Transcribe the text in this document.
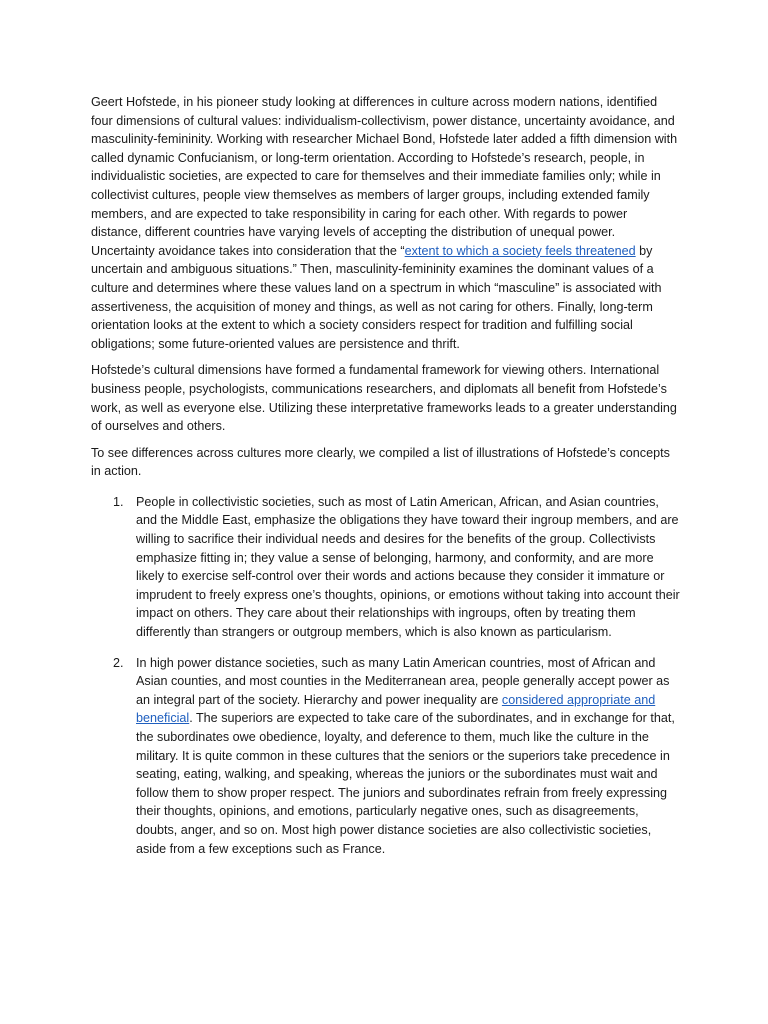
Geert Hofstede, in his pioneer study looking at differences in culture across modern nations, identified four dimensions of cultural values: individualism-collectivism, power distance, uncertainty avoidance, and masculinity-femininity. Working with researcher Michael Bond, Hofstede later added a fifth dimension with called dynamic Confucianism, or long-term orientation. According to Hofstede’s research, people, in individualistic societies, are expected to care for themselves and their immediate families only; while in collectivist cultures, people view themselves as members of larger groups, including extended family members, and are expected to take responsibility in caring for each other. With regards to power distance, different countries have varying levels of accepting the distribution of unequal power. Uncertainty avoidance takes into consideration that the “extent to which a society feels threatened by uncertain and ambiguous situations.” Then, masculinity-femininity examines the dominant values of a culture and determines where these values land on a spectrum in which “masculine” is associated with assertiveness, the acquisition of money and things, as well as not caring for others. Finally, long-term orientation looks at the extent to which a society considers respect for tradition and fulfilling social obligations; some future-oriented values are persistence and thrift.

Hofstede’s cultural dimensions have formed a fundamental framework for viewing others. International business people, psychologists, communications researchers, and diplomats all benefit from Hofstede’s work, as well as everyone else. Utilizing these interpretative frameworks leads to a greater understanding of ourselves and others.

To see differences across cultures more clearly, we compiled a list of illustrations of Hofstede’s concepts in action.

1. People in collectivistic societies, such as most of Latin American, African, and Asian countries, and the Middle East, emphasize the obligations they have toward their ingroup members, and are willing to sacrifice their individual needs and desires for the benefits of the group. Collectivists emphasize fitting in; they value a sense of belonging, harmony, and conformity, and are more likely to exercise self-control over their words and actions because they consider it immature or imprudent to freely express one’s thoughts, opinions, or emotions without taking into account their impact on others. They care about their relationships with ingroups, often by treating them differently than strangers or outgroup members, which is also known as particularism.
2. In high power distance societies, such as many Latin American countries, most of African and Asian counties, and most counties in the Mediterranean area, people generally accept power as an integral part of the society. Hierarchy and power inequality are considered appropriate and beneficial. The superiors are expected to take care of the subordinates, and in exchange for that, the subordinates owe obedience, loyalty, and deference to them, much like the culture in the military. It is quite common in these cultures that the seniors or the superiors take precedence in seating, eating, walking, and speaking, whereas the juniors or the subordinates must wait and follow them to show proper respect. The juniors and subordinates refrain from freely expressing their thoughts, opinions, and emotions, particularly negative ones, such as disagreements, doubts, anger, and so on. Most high power distance societies are also collectivistic societies, aside from a few exceptions such as France.
